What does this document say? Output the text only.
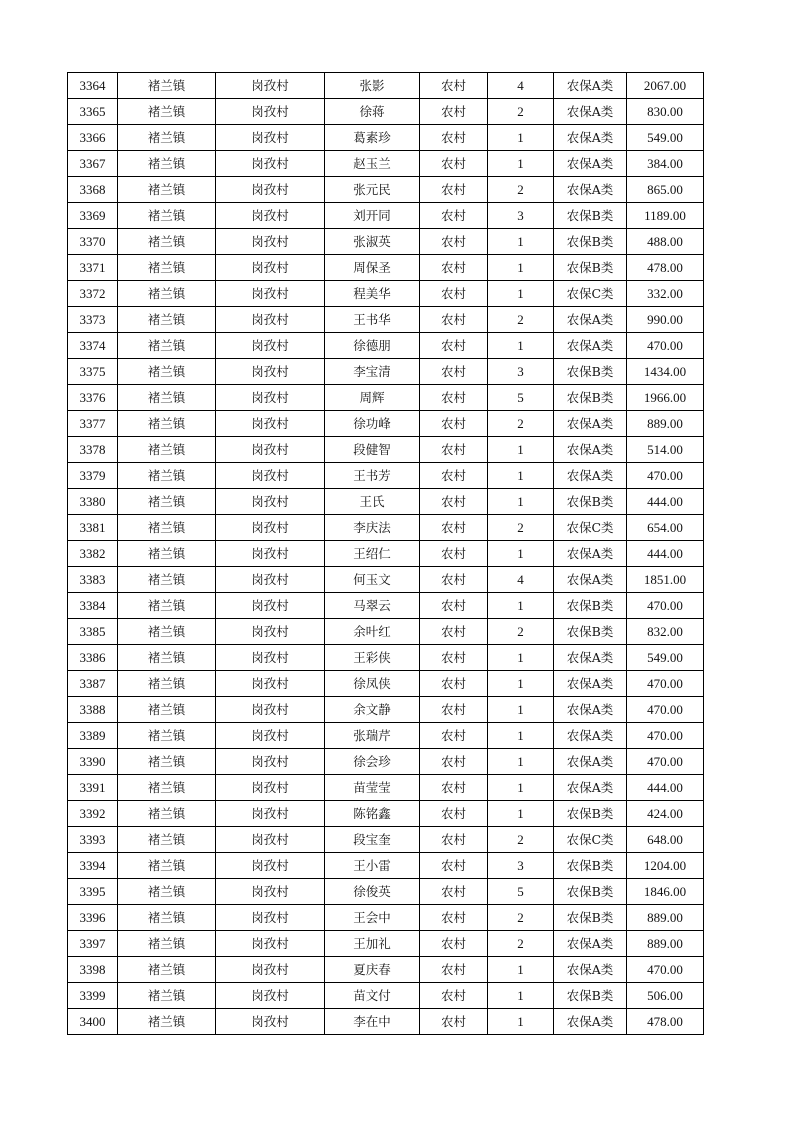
3364	褚兰镇	岗孜村	张影	农村	4	农保A类	2067.00
3365	褚兰镇	岗孜村	徐蒋	农村	2	农保A类	830.00
3366	褚兰镇	岗孜村	葛素珍	农村	1	农保A类	549.00
3367	褚兰镇	岗孜村	赵玉兰	农村	1	农保A类	384.00
3368	褚兰镇	岗孜村	张元民	农村	2	农保A类	865.00
3369	褚兰镇	岗孜村	刘开同	农村	3	农保B类	1189.00
3370	褚兰镇	岗孜村	张淑英	农村	1	农保B类	488.00
3371	褚兰镇	岗孜村	周保圣	农村	1	农保B类	478.00
3372	褚兰镇	岗孜村	程美华	农村	1	农保C类	332.00
3373	褚兰镇	岗孜村	王书华	农村	2	农保A类	990.00
3374	褚兰镇	岗孜村	徐德朋	农村	1	农保A类	470.00
3375	褚兰镇	岗孜村	李宝清	农村	3	农保B类	1434.00
3376	褚兰镇	岗孜村	周辉	农村	5	农保B类	1966.00
3377	褚兰镇	岗孜村	徐功峰	农村	2	农保A类	889.00
3378	褚兰镇	岗孜村	段健智	农村	1	农保A类	514.00
3379	褚兰镇	岗孜村	王书芳	农村	1	农保A类	470.00
3380	褚兰镇	岗孜村	王氏	农村	1	农保B类	444.00
3381	褚兰镇	岗孜村	李庆法	农村	2	农保C类	654.00
3382	褚兰镇	岗孜村	王绍仁	农村	1	农保A类	444.00
3383	褚兰镇	岗孜村	何玉文	农村	4	农保A类	1851.00
3384	褚兰镇	岗孜村	马翠云	农村	1	农保B类	470.00
3385	褚兰镇	岗孜村	余叶红	农村	2	农保B类	832.00
3386	褚兰镇	岗孜村	王彩侠	农村	1	农保A类	549.00
3387	褚兰镇	岗孜村	徐凤侠	农村	1	农保A类	470.00
3388	褚兰镇	岗孜村	余文静	农村	1	农保A类	470.00
3389	褚兰镇	岗孜村	张瑞芹	农村	1	农保A类	470.00
3390	褚兰镇	岗孜村	徐会珍	农村	1	农保A类	470.00
3391	褚兰镇	岗孜村	苗莹莹	农村	1	农保A类	444.00
3392	褚兰镇	岗孜村	陈铭鑫	农村	1	农保B类	424.00
3393	褚兰镇	岗孜村	段宝奎	农村	2	农保C类	648.00
3394	褚兰镇	岗孜村	王小雷	农村	3	农保B类	1204.00
3395	褚兰镇	岗孜村	徐俊英	农村	5	农保B类	1846.00
3396	褚兰镇	岗孜村	王会中	农村	2	农保B类	889.00
3397	褚兰镇	岗孜村	王加礼	农村	2	农保A类	889.00
3398	褚兰镇	岗孜村	夏庆春	农村	1	农保A类	470.00
3399	褚兰镇	岗孜村	苗文付	农村	1	农保B类	506.00
3400	褚兰镇	岗孜村	李在中	农村	1	农保A类	478.00
